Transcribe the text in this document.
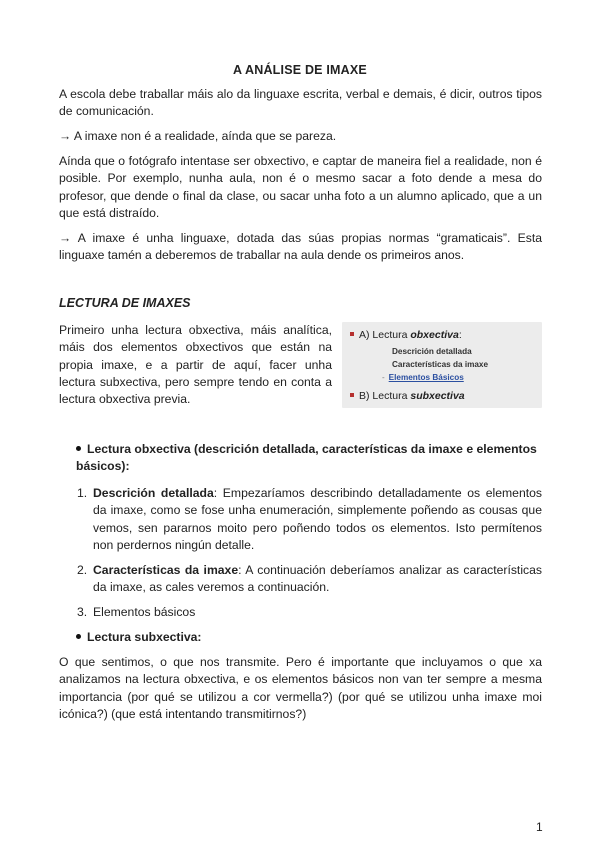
A ANÁLISE DE IMAXE

A escola debe traballar máis alo da linguaxe escrita, verbal e demais, é dicir, outros tipos de comunicación.

→ A imaxe non é a realidade, aínda que se pareza.

Aínda que o fotógrafo intentase ser obxectivo, e captar de maneira fiel a realidade, non é posible. Por exemplo, nunha aula, non é o mesmo sacar a foto dende a mesa do profesor, que dende o final da clase, ou sacar unha foto a un alumno aplicado, que a un que está distraído.

→ A imaxe é unha linguaxe, dotada das súas propias normas “gramaticais”. Esta linguaxe tamén a deberemos de traballar na aula dende os primeiros anos.

LECTURA DE IMAXES

Primeiro unha lectura obxectiva, máis analítica, máis dos elementos obxectivos que están na propia imaxe, e a partir de aquí, facer unha lectura subxectiva, pero sempre tendo en conta a lectura obxectiva previa.

A) Lectura obxectiva:
Descrición detallada
Características da imaxe
- Elementos Básicos
B) Lectura subxectiva
Lectura obxectiva (descrición detallada, características da imaxe e elementos básicos):
1. Descrición detallada: Empezaríamos describindo detalladamente os elementos da imaxe, como se fose unha enumeración, simplemente poñendo as cousas que vemos, sen pararnos moito pero poñendo todos os elementos. Isto permítenos non perdernos ningún detalle.

2. Características da imaxe: A continuación deberíamos analizar as características da imaxe, as cales veremos a continuación.

3. Elementos básicos

Lectura subxectiva:

O que sentimos, o que nos transmite. Pero é importante que incluyamos o que xa analizamos na lectura obxectiva, e os elementos básicos non van ter sempre a mesma importancia (por qué se utilizou a cor vermella?) (por qué se utilizou unha imaxe moi icónica?) (que está intentando transmitirnos?)

1
